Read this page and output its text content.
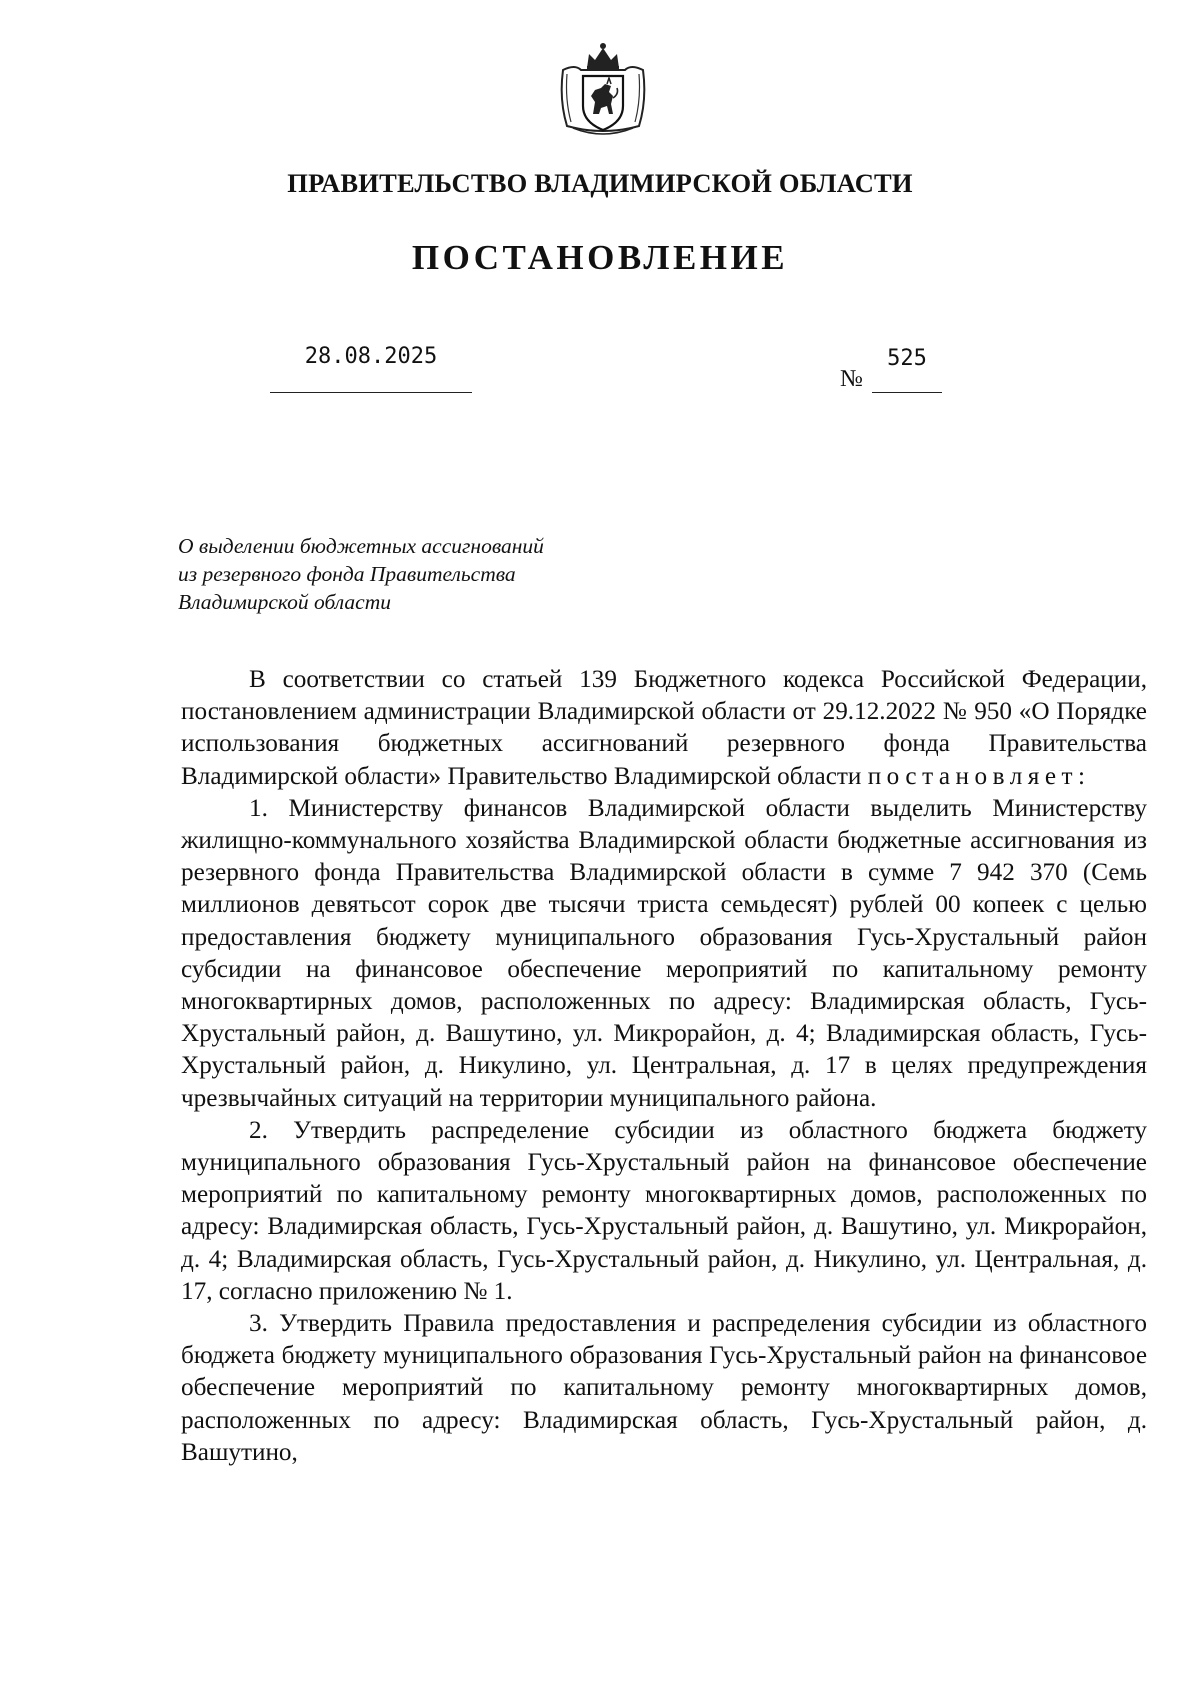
ПРАВИТЕЛЬСТВО ВЛАДИМИРСКОЙ ОБЛАСТИ
ПОСТАНОВЛЕНИЕ
28.08.2025
№
525
О выделении бюджетных ассигнований
из резервного фонда Правительства
Владимирской области

В соответствии со статьей 139 Бюджетного кодекса Российской Федерации, постановлением администрации Владимирской области от 29.12.2022 № 950 «О Порядке использования бюджетных ассигнований резервного фонда Правительства Владимирской области» Правительство Владимирской области постановляет:

1. Министерству финансов Владимирской области выделить Министерству жилищно-коммунального хозяйства Владимирской области бюджетные ассигнования из резервного фонда Правительства Владимирской области в сумме 7 942 370 (Семь миллионов девятьсот сорок две тысячи триста семьдесят) рублей 00 копеек с целью предоставления бюджету муниципального образования Гусь-Хрустальный район субсидии на финансовое обеспечение мероприятий по капитальному ремонту многоквартирных домов, расположенных по адресу: Владимирская область, Гусь-Хрустальный район, д. Вашутино, ул. Микрорайон, д. 4; Владимирская область, Гусь-Хрустальный район, д. Никулино, ул. Центральная, д. 17 в целях предупреждения чрезвычайных ситуаций на территории муниципального района.

2. Утвердить распределение субсидии из областного бюджета бюджету муниципального образования Гусь-Хрустальный район на финансовое обеспечение мероприятий по капитальному ремонту многоквартирных домов, расположенных по адресу: Владимирская область, Гусь-Хрустальный район, д. Вашутино, ул. Микрорайон, д. 4; Владимирская область, Гусь-Хрустальный район, д. Никулино, ул. Центральная, д. 17, согласно приложению № 1.

3. Утвердить Правила предоставления и распределения субсидии из областного бюджета бюджету муниципального образования Гусь-Хрустальный район на финансовое обеспечение мероприятий по капитальному ремонту многоквартирных домов, расположенных по адресу: Владимирская область, Гусь-Хрустальный район, д. Вашутино,
